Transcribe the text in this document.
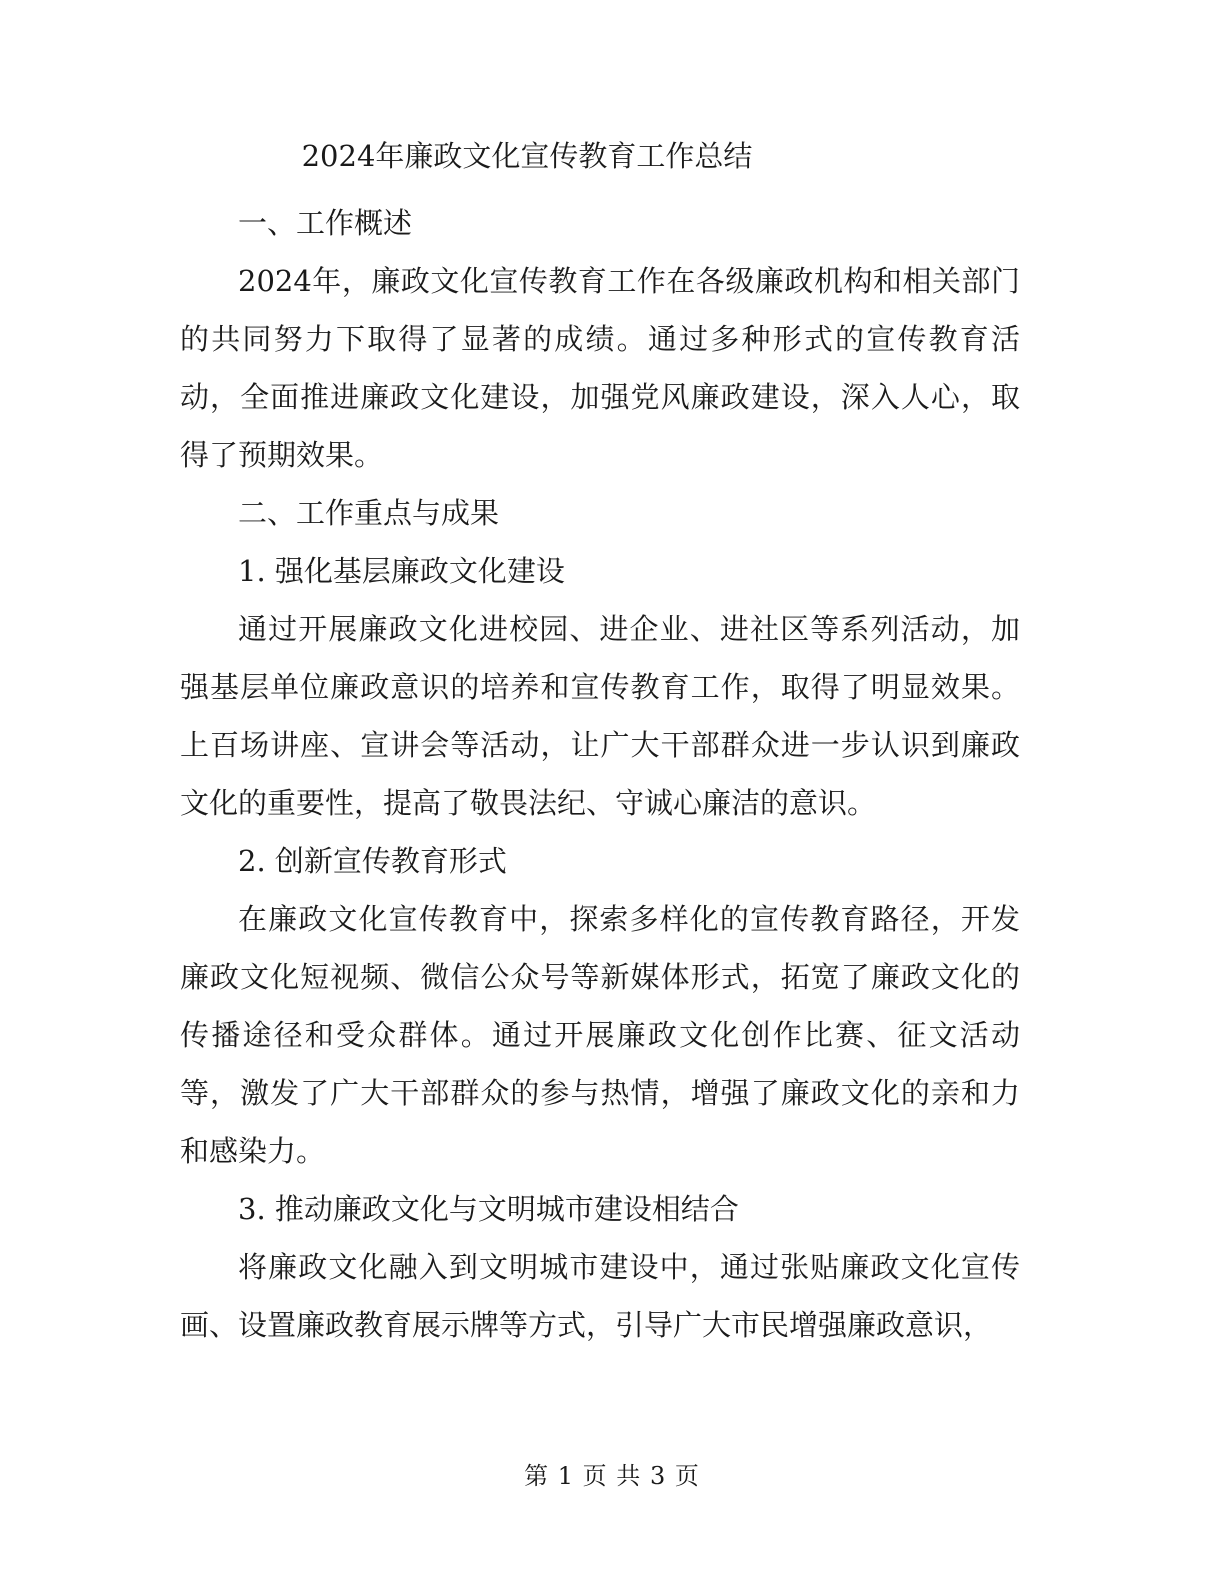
2024年廉政文化宣传教育工作总结

一、工作概述

2024年，廉政文化宣传教育工作在各级廉政机构和相关部门的共同努力下取得了显著的成绩。通过多种形式的宣传教育活动，全面推进廉政文化建设，加强党风廉政建设，深入人心，取得了预期效果。

二、工作重点与成果

1. 强化基层廉政文化建设

通过开展廉政文化进校园、进企业、进社区等系列活动，加强基层单位廉政意识的培养和宣传教育工作，取得了明显效果。上百场讲座、宣讲会等活动，让广大干部群众进一步认识到廉政文化的重要性，提高了敬畏法纪、守诚心廉洁的意识。

2. 创新宣传教育形式

在廉政文化宣传教育中，探索多样化的宣传教育路径，开发廉政文化短视频、微信公众号等新媒体形式，拓宽了廉政文化的传播途径和受众群体。通过开展廉政文化创作比赛、征文活动等，激发了广大干部群众的参与热情，增强了廉政文化的亲和力和感染力。

3. 推动廉政文化与文明城市建设相结合

将廉政文化融入到文明城市建设中，通过张贴廉政文化宣传画、设置廉政教育展示牌等方式，引导广大市民增强廉政意识，

第 1 页 共 3 页
